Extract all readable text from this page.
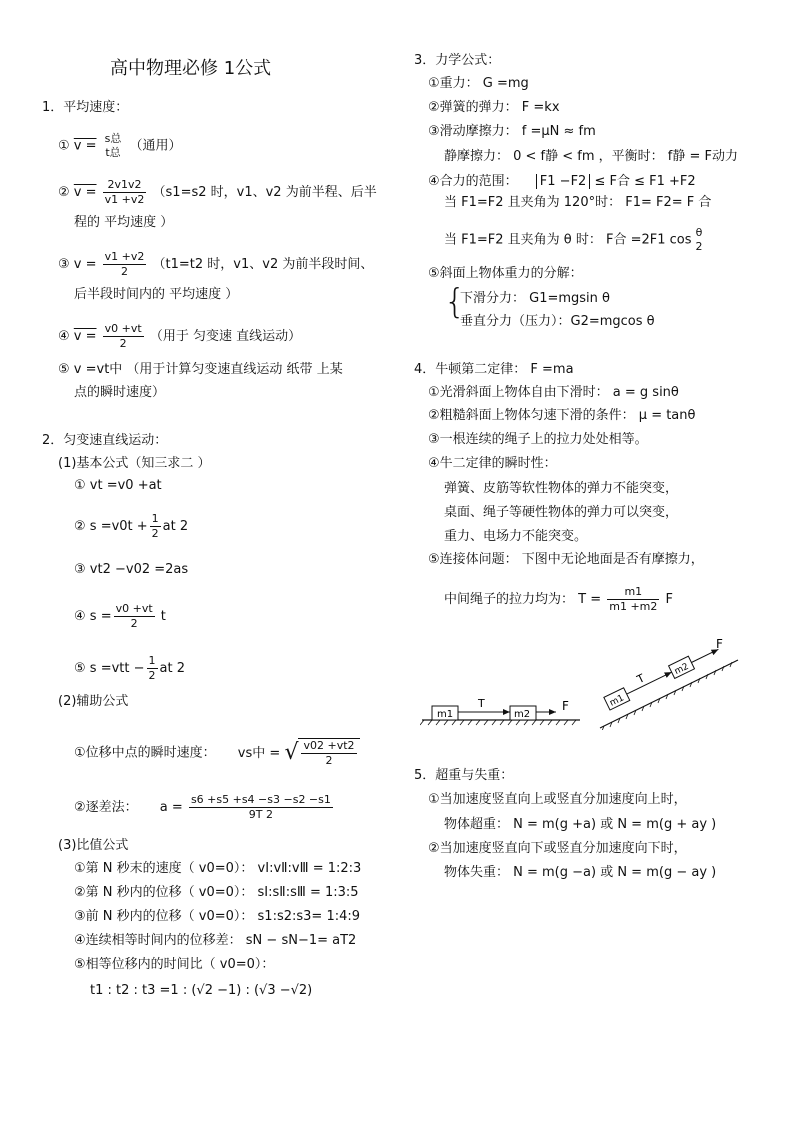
高中物理必修 1公式
1．平均速度：
① v = s总
t总 （通用）
② $v = \frac{2v1v2}{v1 +v2} (s1=s2$ 时，v1、v2 为前半程、后半
程的 平均速度 ）
③ $v = \frac{v1 +v2}{2} (t1=t2$ 时，v1、v2 为前半段时间、
后半段时间内的 平均速度 ）
④ $v = \frac{v0 +vt}{2}$ （用于 匀变速 直线运动）
⑤ v =vt中 （用于计算匀变速直线运动 纸带 上某
点的瞬时速度）
2．匀变速直线运动：
(1)基本公式（知三求二 ）
① vt =v0 +at
② $s =v0t + \frac{1}{2}$ at 2
③ vt2 −v02 =2as
④ $s = \frac{v0 +vt}{2}$ t
⑤ $s =vtt - \frac{1}{2}$ at 2
(2)辅助公式
①位移中点的瞬时速度： vs中 = √ $\frac{v02 +vt2}{2}$
②逐差法： $a = \frac{s6 +s5 +s4 -s3 -s2 -s1}{9T 2}$
(3)比值公式
①第 N 秒末的速度（ v0=0）： vⅠ:vⅡ:vⅢ = 1:2:3
②第 N 秒内的位移（ v0=0）： sⅠ:sⅡ:sⅢ = 1:3:5
③前 N 秒内的位移（ v0=0）： s1:s2:s3= 1:4:9
④连续相等时间内的位移差： sN − sN−1= aT2
⑤相等位移内的时间比（ v0=0）：
t1 : t2 : t3 =1 : (√2 −1) : (√3 −√2)
3．力学公式：
①重力： G =mg
②弹簧的弹力： F =kx
③滑动摩擦力： f =μN ≈ fm
静摩擦力： 0 < f静 < fm ，平衡时： f静 = F动力
④合力的范围： F1 −F2 ≤ F合 ≤ F1 +F2
当 F1=F2 且夹角为 120°时： F1= F2= F 合
当 F1=F2 且夹角为 θ 时： F合 =2F1 cos θ
2
⑤斜面上物体重力的分解：
{
下滑分力： G1=mgsin θ
垂直分力（压力）：G2=mgcos θ
4．牛顿第二定律： F =ma
①光滑斜面上物体自由下滑时： a = g sinθ
②粗糙斜面上物体匀速下滑的条件： μ = tanθ
③一根连续的绳子上的拉力处处相等。
④牛二定律的瞬时性：
弹簧、皮筋等软性物体的弹力不能突变，
桌面、绳子等硬性物体的弹力可以突变，
重力、电场力不能突变。
⑤连接体问题： 下图中无论地面是否有摩擦力，
中间绳子的拉力均为： $T = \frac{m1}{m1 +m2}$ F
m1
T
m2
F	m1
T
m2
F
5．超重与失重：
①当加速度竖直向上或竖直分加速度向上时，
物体超重： N = m(g +a) 或 N = m(g + ay )
②当加速度竖直向下或竖直分加速度向下时，
物体失重： N = m(g −a) 或 N = m(g − ay )
